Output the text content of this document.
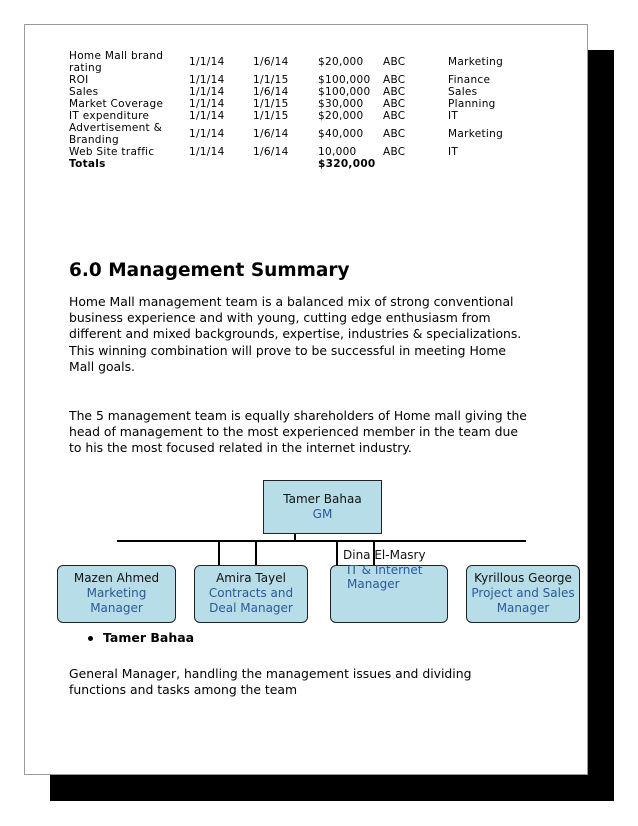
Home Mall brand rating	1/1/14	1/6/14	$20,000	ABC	Marketing
ROI	1/1/14	1/1/15	$100,000	ABC	Finance
Sales	1/1/14	1/6/14	$100,000	ABC	Sales
Market Coverage	1/1/14	1/1/15	$30,000	ABC	Planning
IT expenditure	1/1/14	1/1/15	$20,000	ABC	IT
Advertisement & Branding	1/1/14	1/6/14	$40,000	ABC	Marketing
Web Site traffic	1/1/14	1/6/14	10,000	ABC	IT
Totals			$320,000		
6.0 Management Summary

Home Mall management team is a balanced mix of strong conventional business experience and with young, cutting edge enthusiasm from different and mixed backgrounds, expertise, industries & specializations. This winning combination will prove to be successful in meeting Home Mall goals.

The 5 management team is equally shareholders of Home mall giving the head of management to the most experienced member in the team due to his the most focused related in the internet industry.

Tamer Bahaa
GM
Mazen Ahmed
Marketing Manager
Amira Tayel
Contracts and Deal Manager
Dina El-Masry
IT & Internet Manager	Kyrillous George
Project and Sales Manager
Tamer Bahaa

General Manager, handling the management issues and dividing functions and tasks among the team
